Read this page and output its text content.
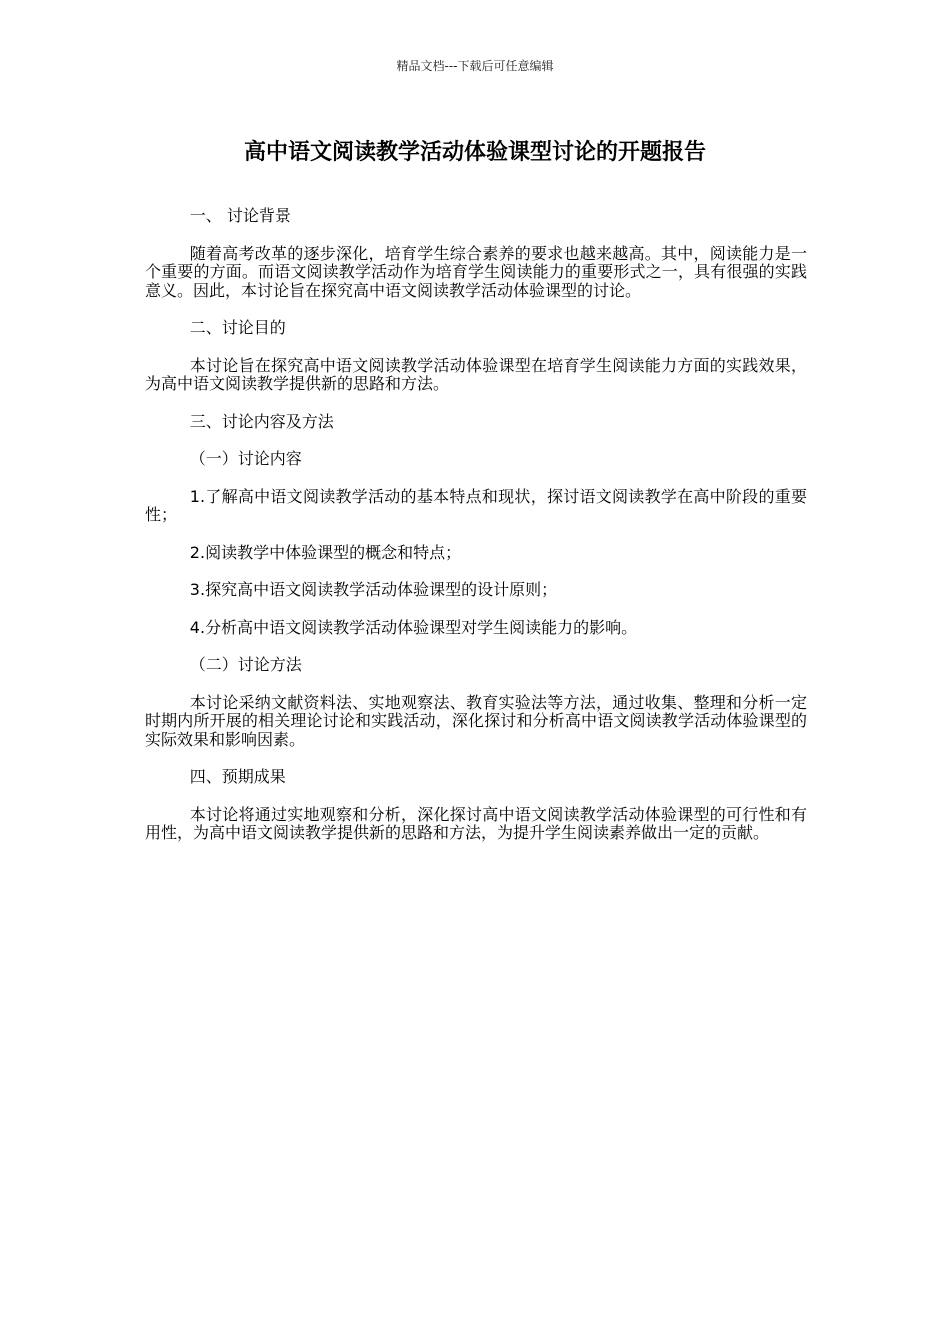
精品文档---下载后可任意编辑
高中语文阅读教学活动体验课型讨论的开题报告

一、 讨论背景

随着高考改革的逐步深化，培育学生综合素养的要求也越来越高。其中，阅读能力是一个重要的方面。而语文阅读教学活动作为培育学生阅读能力的重要形式之一，具有很强的实践意义。因此，本讨论旨在探究高中语文阅读教学活动体验课型的讨论。

二、讨论目的

本讨论旨在探究高中语文阅读教学活动体验课型在培育学生阅读能力方面的实践效果，为高中语文阅读教学提供新的思路和方法。

三、讨论内容及方法

（一）讨论内容

1.了解高中语文阅读教学活动的基本特点和现状，探讨语文阅读教学在高中阶段的重要性；

2.阅读教学中体验课型的概念和特点；

3.探究高中语文阅读教学活动体验课型的设计原则；

4.分析高中语文阅读教学活动体验课型对学生阅读能力的影响。

（二）讨论方法

本讨论采纳文献资料法、实地观察法、教育实验法等方法，通过收集、整理和分析一定时期内所开展的相关理论讨论和实践活动，深化探讨和分析高中语文阅读教学活动体验课型的实际效果和影响因素。

四、预期成果

本讨论将通过实地观察和分析，深化探讨高中语文阅读教学活动体验课型的可行性和有用性，为高中语文阅读教学提供新的思路和方法，为提升学生阅读素养做出一定的贡献。
